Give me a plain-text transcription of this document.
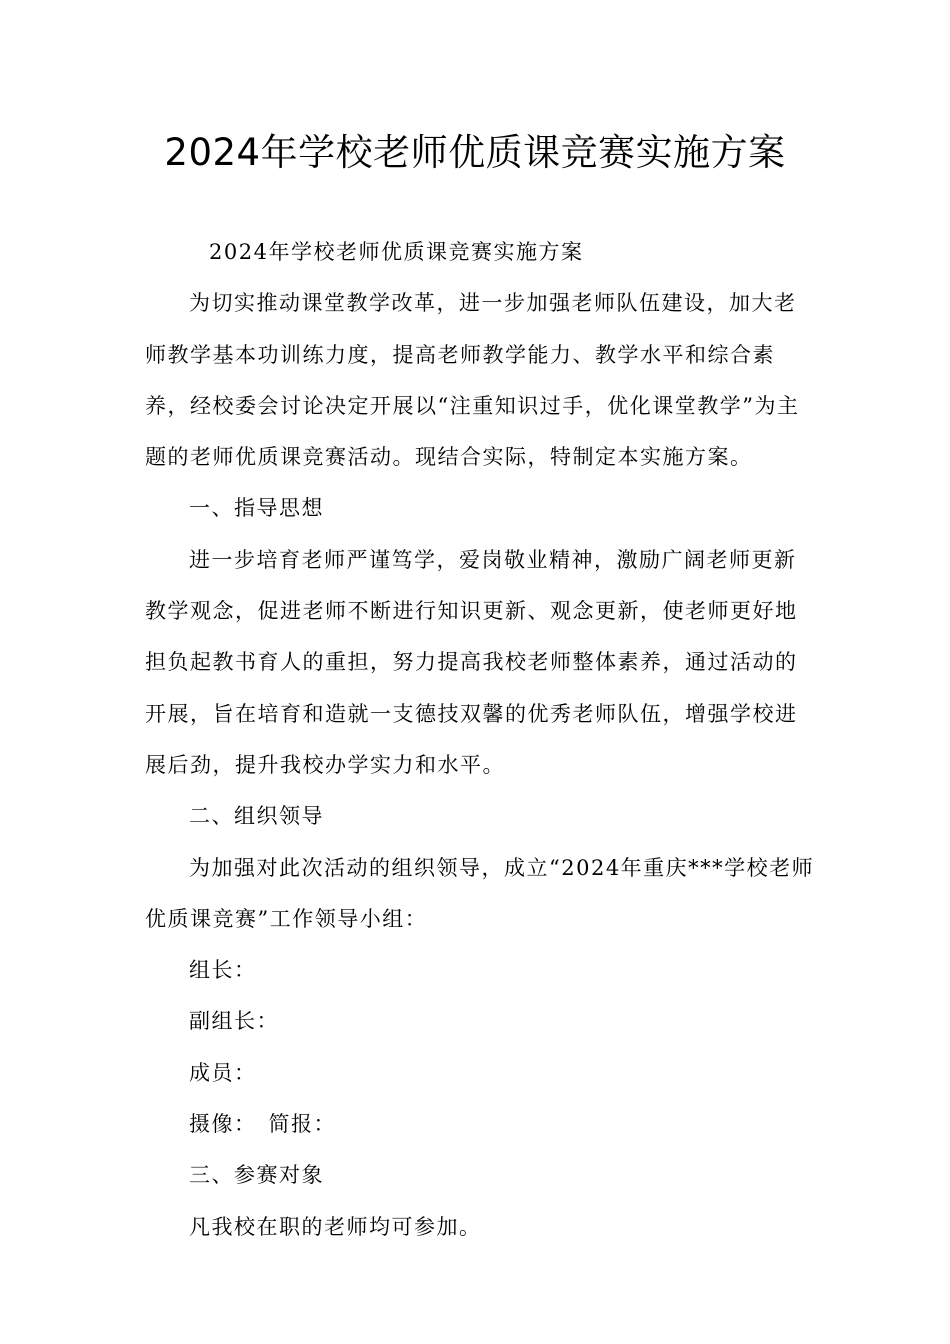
2024年学校老师优质课竞赛实施方案

2024年学校老师优质课竞赛实施方案

为切实推动课堂教学改革，进一步加强老师队伍建设，加大老师教学基本功训练力度，提高老师教学能力、教学水平和综合素养，经校委会讨论决定开展以“注重知识过手，优化课堂教学”为主题的老师优质课竞赛活动。现结合实际，特制定本实施方案。

一、指导思想

进一步培育老师严谨笃学，爱岗敬业精神，激励广阔老师更新教学观念，促进老师不断进行知识更新、观念更新，使老师更好地担负起教书育人的重担，努力提高我校老师整体素养，通过活动的开展，旨在培育和造就一支德技双馨的优秀老师队伍，增强学校进展后劲，提升我校办学实力和水平。

二、组织领导

为加强对此次活动的组织领导，成立“2024年重庆***学校老师优质课竞赛”工作领导小组：

组长：

副组长：

成员：

摄像：　简报：

三、参赛对象

凡我校在职的老师均可参加。
